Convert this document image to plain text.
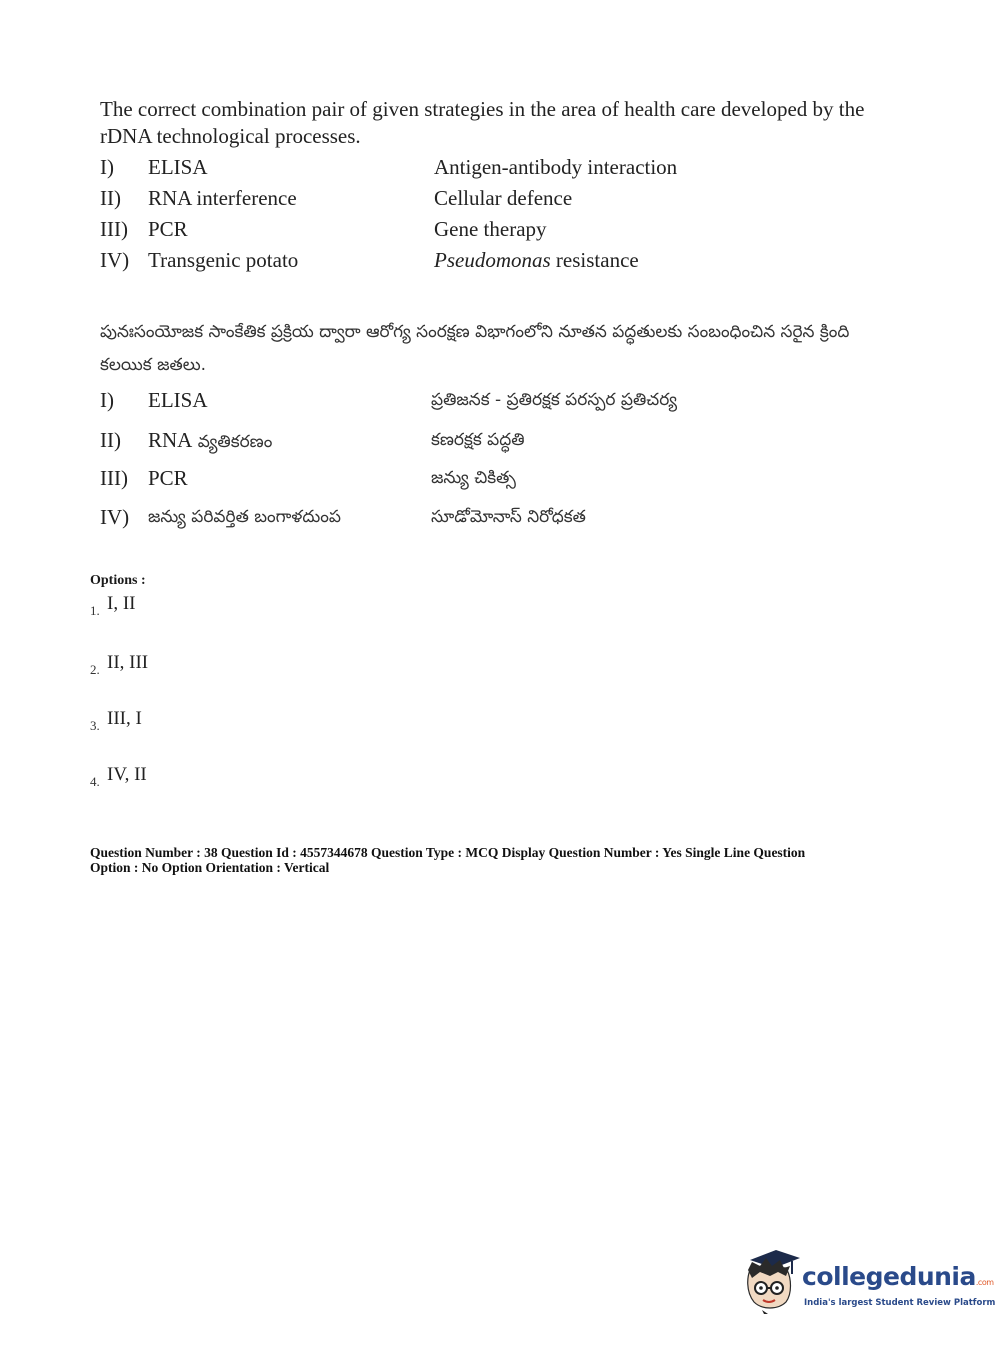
The correct combination pair of given strategies in the area of health care developed by the rDNA technological processes.
I)	ELISA	Antigen-antibody interaction
II)	RNA interference	Cellular defence
III) PCR	Gene therapy
IV) Transgenic potato	Pseudomonas resistance
పునఃసంయోజక సాంకేతిక ప్రక్రియ ద్వారా ఆరోగ్య సంరక్షణ విభాగంలోని నూతన పద్ధతులకు సంబంధించిన సరైన క్రింది కలయిక జతలు.
I) ELISA	ప్రతిజనక - ప్రతిరక్షక పరస్పర ప్రతిచర్య
II) RNA వ్యతికరణం	కణరక్షక పద్ధతి
III) PCR	జన్యు చికిత్స
IV) జన్యు పరివర్తిత బంగాళదుంప	సూడోమోనాస్ నిరోధకత
Options :
1. I, II
2. II, III
3. III, I
4. IV, II
Question Number : 38 Question Id : 4557344678 Question Type : MCQ Display Question Number : Yes Single Line Question
Option : No Option Orientation : Vertical
collegedunia.com
India's largest Student Review Platform
